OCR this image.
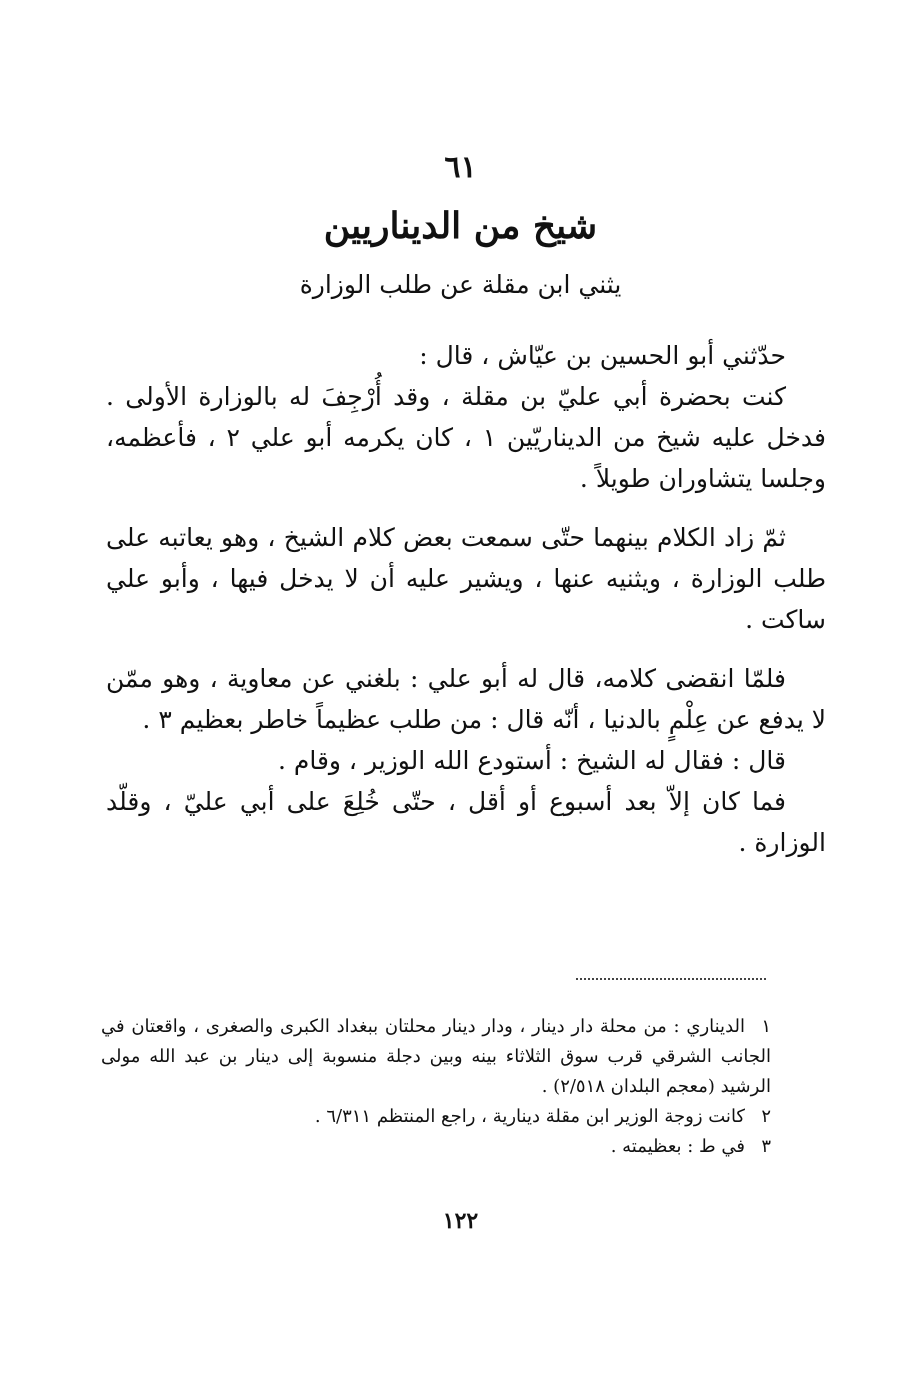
٦١
شيخ من الديناريين
يثني ابن مقلة عن طلب الوزارة

حدّثني أبو الحسين بن عيّاش ، قال :

كنت بحضرة أبي عليّ بن مقلة ، وقد أُرْجِفَ له بالوزارة الأولى . فدخل عليه شيخ من الديناريّين ١ ، كان يكرمه أبو علي ٢ ، فأعظمه، وجلسا يتشاوران طويلاً .

ثمّ زاد الكلام بينهما حتّى سمعت بعض كلام الشيخ ، وهو يعاتبه على طلب الوزارة ، ويثنيه عنها ، ويشير عليه أن لا يدخل فيها ، وأبو علي ساكت .

فلمّا انقضى كلامه، قال له أبو علي : بلغني عن معاوية ، وهو ممّن لا يدفع عن عِلْمٍ بالدنيا ، أنّه قال : من طلب عظيماً خاطر بعظيم ٣ .

قال : فقال له الشيخ : أستودع الله الوزير ، وقام .

فما كان إلاّ بعد أسبوع أو أقل ، حتّى خُلِعَ على أبي عليّ ، وقلّد الوزارة .

١الديناري : من محلة دار دينار ، ودار دينار محلتان ببغداد الكبرى والصغرى ، واقعتان في الجانب الشرقي قرب سوق الثلاثاء بينه وبين دجلة منسوبة إلى دينار بن عبد الله مولى الرشيد (معجم البلدان ٢/٥١٨) .

٢كانت زوجة الوزير ابن مقلة دينارية ، راجع المنتظم ٦/٣١١ .

٣في ط : بعظيمته .

١٢٢
